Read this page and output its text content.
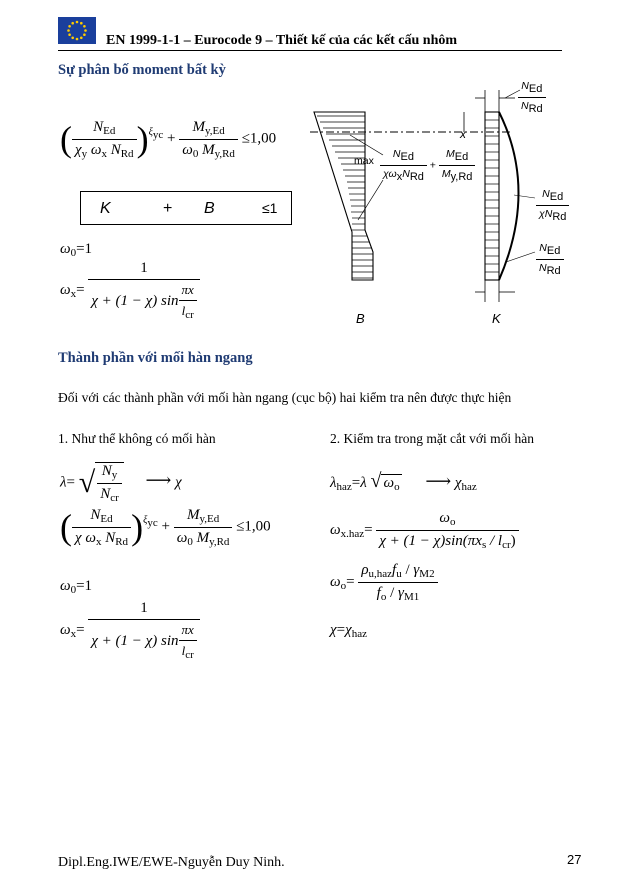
EN 1999-1-1 – Eurocode 9 – Thiết kế của các kết cấu nhôm
Sự phân bố moment bất kỳ
( $\frac{N_{Ed}}{\chi_y \omega_x N_{Rd}} )^{\xi yc} + \frac{M_{y,Ed}}{\omega_0 M_{y,Rd}} \le 1,00$
K	+ B	≤1
$\omega_0=1$
$\omega_x= \frac{1}{\chi + (1 - \chi) \sin \frac{\pi x}{l_{cr}}}$
$\max \frac{\text{NEd}}{\text{χωxNRd}} + \frac{\text{MEd}}{My,Rd}$
x
$\frac{\text{NEd}}{\text{NRd}}$
$\frac{\text{NEd}}{\text{χNRd}}$
$\frac{\text{NEd}}{\text{NRd}}$
B	K
Thành phần với mối hàn ngang
Đối với các thành phần với mối hàn ngang (cục bộ) hai kiểm tra nên được thực hiện
1. Như thể không có mối hàn	2. Kiểm tra trong mặt cắt với mối hàn
λ= √ $\frac{N_y}{N_{cr}}$ ⟶ χ
( $\frac{N_{Ed}}{\chi \omega_x N_{Rd}} )^{\xi yc} + \frac{M_{y,Ed}}{\omega_0 M_{y,Rd}} \le 1,00$
$\omega_0=1$
$\omega_x= \frac{1}{\chi + (1 - \chi) \sin \frac{\pi x}{l_{cr}}}$
$\lambda_{haz}=\lambda$ √ $\omega_o$ ⟶ $\chi_{haz}$
$\omega_{x.haz}= \frac{\omega_o}{\chi + (1 - \chi)\sin(\pi x_s / l_{cr})}$
$\omega_o= \frac{\rho_{u,haz}f_u / \gamma_{M2}}{f_o / \gamma_{M1}}$
$\chi=\chi_{haz}$
Dipl.Eng.IWE/EWE-Nguyễn Duy Ninh.	27
